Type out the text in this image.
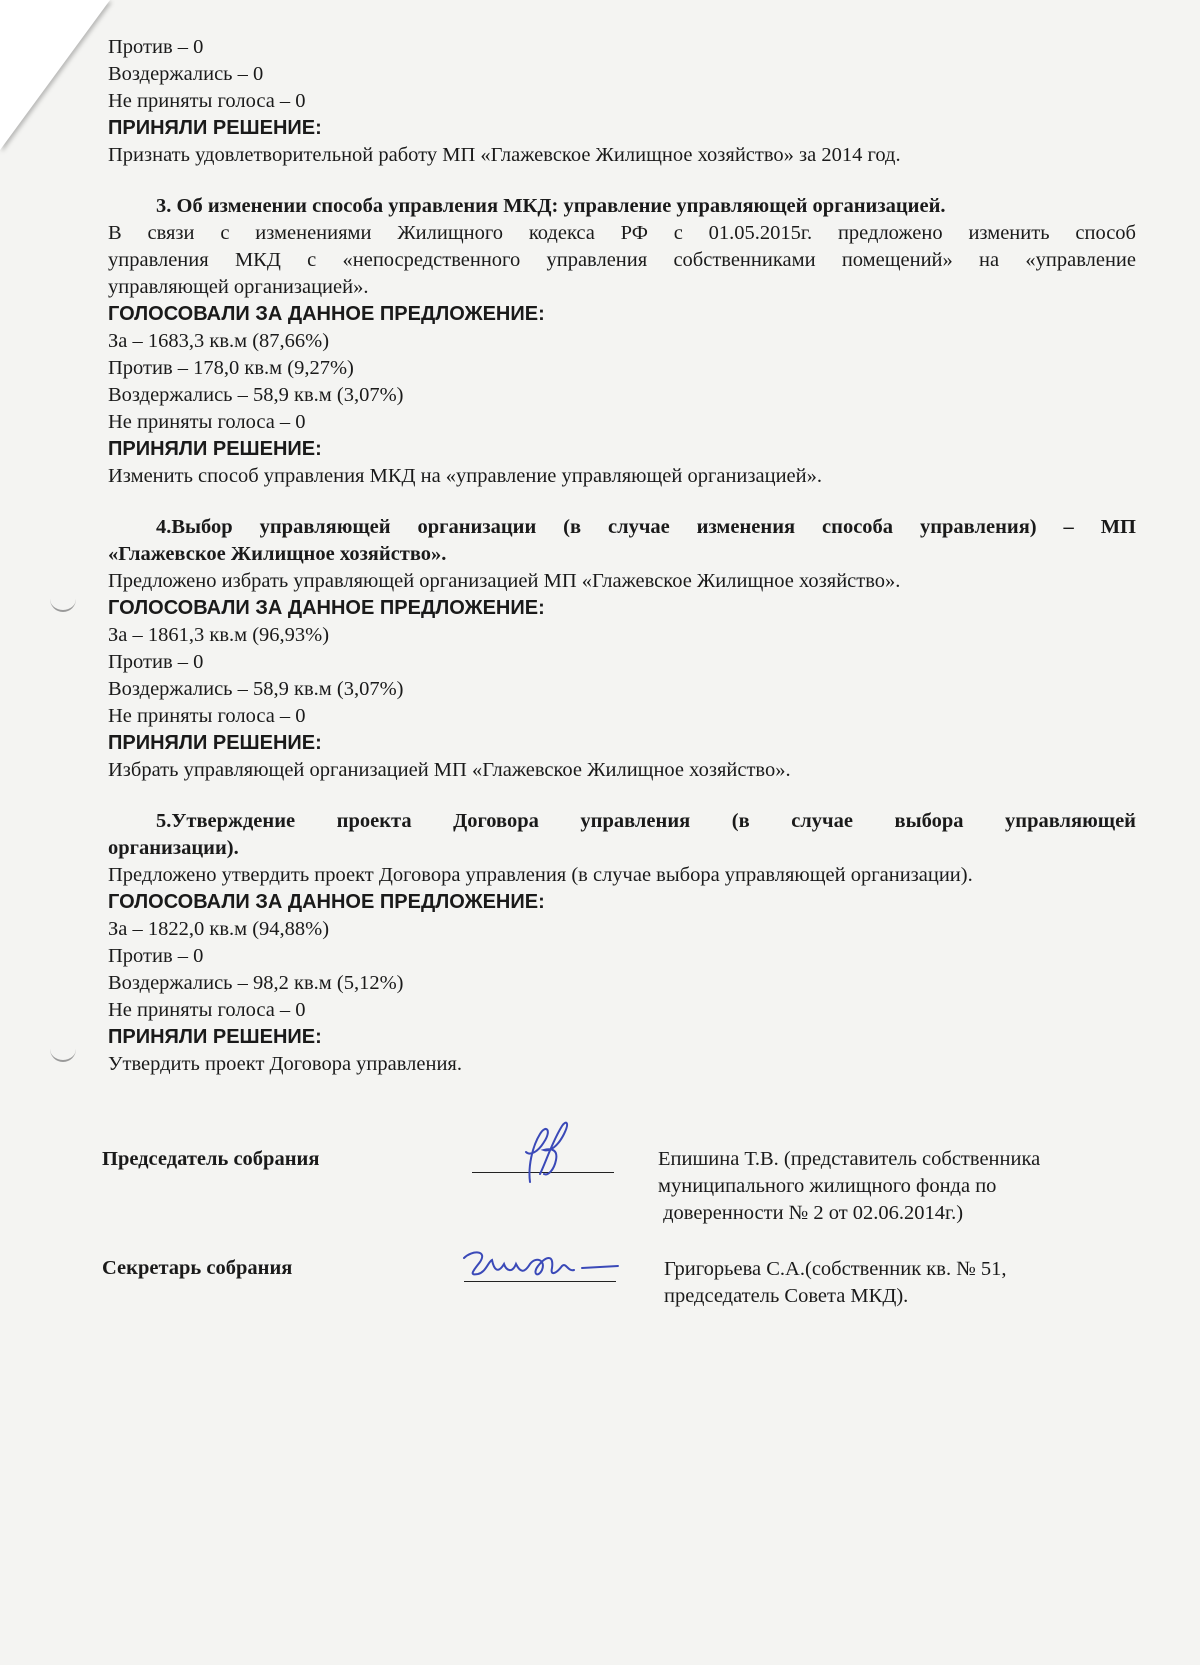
Против – 0
Воздержались – 0
Не приняты голоса – 0
ПРИНЯЛИ РЕШЕНИЕ:
Признать удовлетворительной работу МП «Глажевское Жилищное хозяйство» за 2014 год.
3. Об изменении способа управления МКД: управление управляющей организацией.
В связи с изменениями Жилищного кодекса РФ с 01.05.2015г. предложено изменить способ
управления МКД с «непосредственного управления собственниками помещений» на «управление
управляющей организацией».
ГОЛОСОВАЛИ ЗА ДАННОЕ ПРЕДЛОЖЕНИЕ:
За – 1683,3 кв.м (87,66%)
Против – 178,0 кв.м (9,27%)
Воздержались – 58,9 кв.м (3,07%)
Не приняты голоса – 0
ПРИНЯЛИ РЕШЕНИЕ:
Изменить способ управления МКД на «управление управляющей организацией».
4.Выбор управляющей организации (в случае изменения способа управления) – МП
«Глажевское Жилищное хозяйство».
Предложено избрать управляющей организацией МП «Глажевское Жилищное хозяйство».
ГОЛОСОВАЛИ ЗА ДАННОЕ ПРЕДЛОЖЕНИЕ:
За – 1861,3 кв.м (96,93%)
Против – 0
Воздержались – 58,9 кв.м (3,07%)
Не приняты голоса – 0
ПРИНЯЛИ РЕШЕНИЕ:
Избрать управляющей организацией МП «Глажевское Жилищное хозяйство».
5.Утверждение проекта Договора управления (в случае выбора управляющей
организации).
Предложено утвердить проект Договора управления (в случае выбора управляющей организации).
ГОЛОСОВАЛИ ЗА ДАННОЕ ПРЕДЛОЖЕНИЕ:
За – 1822,0 кв.м (94,88%)
Против – 0
Воздержались – 98,2 кв.м (5,12%)
Не приняты голоса – 0
ПРИНЯЛИ РЕШЕНИЕ:
Утвердить проект Договора управления.
Председатель собрания	Епишина Т.В. (представитель собственника
муниципального жилищного фонда по
доверенности № 2 от 02.06.2014г.)
Секретарь собрания	Григорьева С.А.(собственник кв. № 51,
председатель Совета МКД).
